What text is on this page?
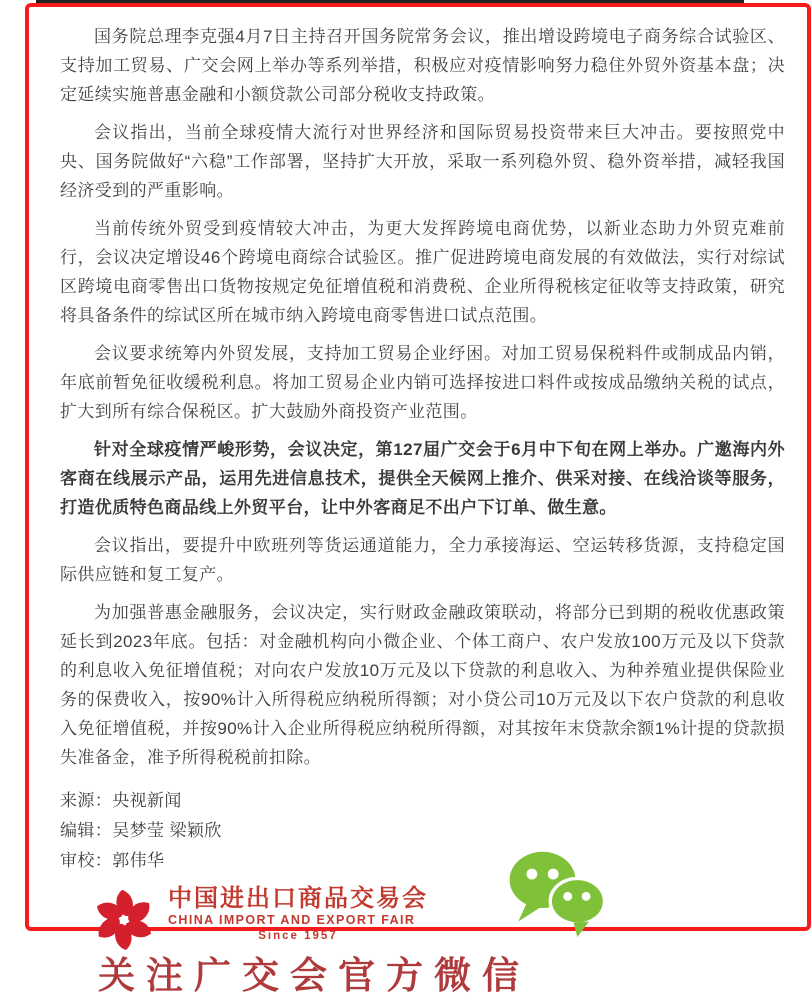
国务院总理李克强4月7日主持召开国务院常务会议，推出增设跨境电子商务综合试验区、支持加工贸易、广交会网上举办等系列举措，积极应对疫情影响努力稳住外贸外资基本盘；决定延续实施普惠金融和小额贷款公司部分税收支持政策。

会议指出，当前全球疫情大流行对世界经济和国际贸易投资带来巨大冲击。要按照党中央、国务院做好“六稳”工作部署，坚持扩大开放，采取一系列稳外贸、稳外资举措，减轻我国经济受到的严重影响。

当前传统外贸受到疫情较大冲击，为更大发挥跨境电商优势，以新业态助力外贸克难前行，会议决定增设46个跨境电商综合试验区。推广促进跨境电商发展的有效做法，实行对综试区跨境电商零售出口货物按规定免征增值税和消费税、企业所得税核定征收等支持政策，研究将具备条件的综试区所在城市纳入跨境电商零售进口试点范围。

会议要求统筹内外贸发展，支持加工贸易企业纾困。对加工贸易保税料件或制成品内销，年底前暂免征收缓税利息。将加工贸易企业内销可选择按进口料件或按成品缴纳关税的试点，扩大到所有综合保税区。扩大鼓励外商投资产业范围。

针对全球疫情严峻形势，会议决定，第127届广交会于6月中下旬在网上举办。广邀海内外客商在线展示产品，运用先进信息技术，提供全天候网上推介、供采对接、在线洽谈等服务，打造优质特色商品线上外贸平台，让中外客商足不出户下订单、做生意。

会议指出，要提升中欧班列等货运通道能力，全力承接海运、空运转移货源，支持稳定国际供应链和复工复产。

为加强普惠金融服务，会议决定，实行财政金融政策联动，将部分已到期的税收优惠政策延长到2023年底。包括：对金融机构向小微企业、个体工商户、农户发放100万元及以下贷款的利息收入免征增值税；对向农户发放10万元及以下贷款的利息收入、为种养殖业提供保险业务的保费收入，按90%计入所得税应纳税所得额；对小贷公司10万元及以下农户贷款的利息收入免征增值税，并按90%计入企业所得税应纳税所得额，对其按年末贷款余额1%计提的贷款损失准备金，准予所得税税前扣除。

来源：央视新闻
编辑：吴梦莹 梁颖欣
审校：郭伟华
中国进出口商品交易会
CHINA IMPORT AND EXPORT FAIR
Since 1957
关注广交会官方微信
